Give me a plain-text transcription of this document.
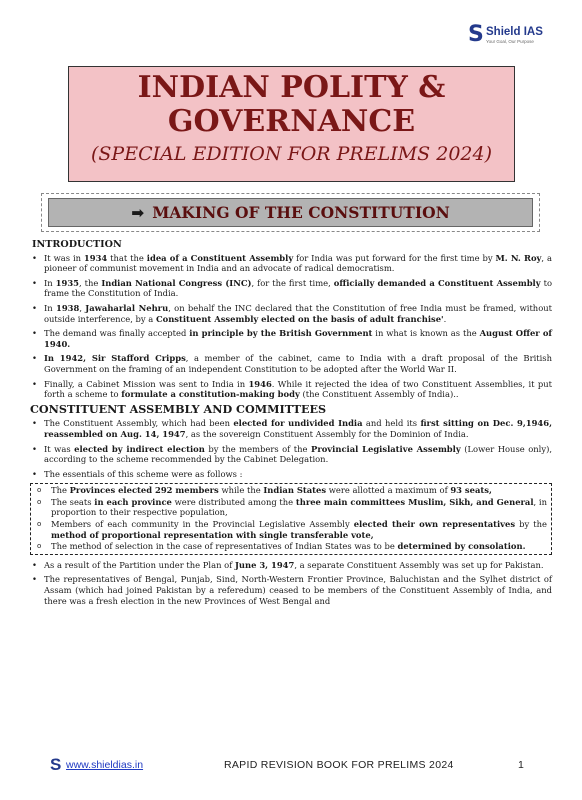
S Shield IAS
Your Goal, Our Purpose
INDIAN POLITY &
GOVERNANCE
(SPECIAL EDITION FOR PRELIMS 2024)
➡ MAKING OF THE CONSTITUTION
INTRODUCTION
• It was in 1934 that the idea of a Constituent Assembly for India was put forward for the first time by M. N. Roy, a pioneer of communist movement in India and an advocate of radical democratism.
• In 1935, the Indian National Congress (INC), for the first time, officially demanded a Constituent Assembly to frame the Constitution of India.
• In 1938, Jawaharlal Nehru, on behalf the INC declared that the Constitution of free India must be framed, without outside interference, by a Constituent Assembly elected on the basis of adult franchise'.
• The demand was finally accepted in principle by the British Government in what is known as the August Offer of 1940.
• In 1942, Sir Stafford Cripps, a member of the cabinet, came to India with a draft proposal of the British Government on the framing of an independent Constitution to be adopted after the World War II.
• Finally, a Cabinet Mission was sent to India in 1946. While it rejected the idea of two Constituent Assemblies, it put forth a scheme to formulate a constitution-making body (the Constituent Assembly of India)..
CONSTITUENT ASSEMBLY AND COMMITTEES
• The Constituent Assembly, which had been elected for undivided India and held its first sitting on Dec. 9,1946, reassembled on Aug. 14, 1947, as the sovereign Constituent Assembly for the Dominion of India.
• It was elected by indirect election by the members of the Provincial Legislative Assembly (Lower House only), according to the scheme recommended by the Cabinet Delegation.
• The essentials of this scheme were as follows :
o The Provinces elected 292 members while the Indian States were allotted a maximum of 93 seats,
o The seats in each province were distributed among the three main committees Muslim, Sikh, and General, in proportion to their respective population,
o Members of each community in the Provincial Legislative Assembly elected their own representatives by the method of proportional representation with single transferable vote,
o The method of selection in the case of representatives of Indian States was to be determined by consolation.
• As a result of the Partition under the Plan of June 3, 1947, a separate Constituent Assembly was set up for Pakistan.
• The representatives of Bengal, Punjab, Sind, North-Western Frontier Province, Baluchistan and the Sylhet district of Assam (which had joined Pakistan by a referedum) ceased to be members of the Constituent Assembly of India, and there was a fresh election in the new Provinces of West Bengal and
S www.shieldias.in	RAPID REVISION BOOK FOR PRELIMS 2024	1
